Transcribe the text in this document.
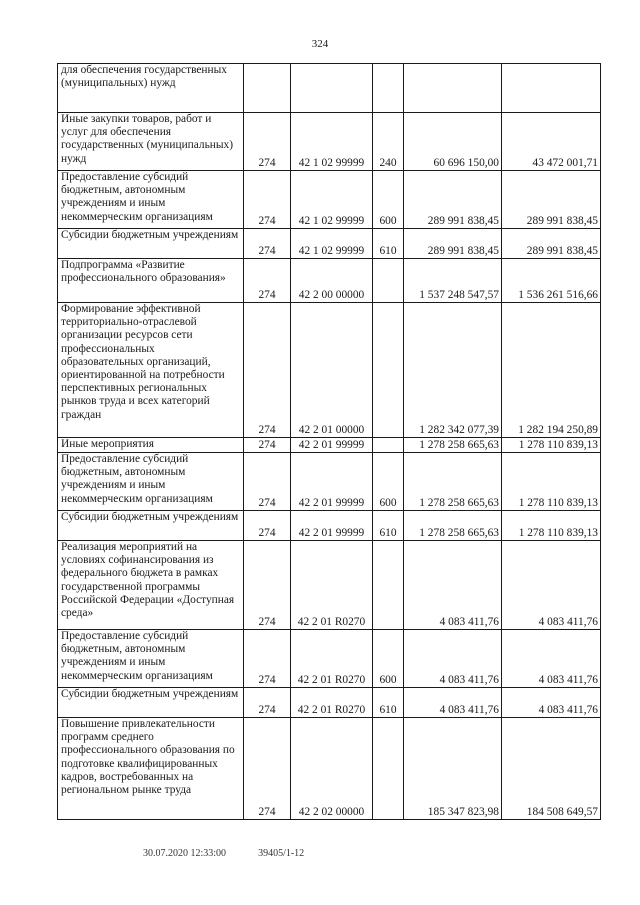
324
для обеспечения государственных (муниципальных) нужд					
Иные закупки товаров, работ и услуг для обеспечения государственных (муниципальных) нужд	274	42 1 02 99999	240	60 696 150,00	43 472 001,71
Предоставление субсидий бюджетным, автономным учреждениям и иным некоммерческим организациям	274	42 1 02 99999	600	289 991 838,45	289 991 838,45
Субсидии бюджетным учреждениям	274	42 1 02 99999	610	289 991 838,45	289 991 838,45
Подпрограмма «Развитие профессионального образования»	274	42 2 00 00000		1 537 248 547,57	1 536 261 516,66
Формирование эффективной территориально-отраслевой организации ресурсов сети профессиональных образовательных организаций, ориентированной на потребности перспективных региональных рынков труда и всех категорий граждан	274	42 2 01 00000		1 282 342 077,39	1 282 194 250,89
Иные мероприятия	274	42 2 01 99999		1 278 258 665,63	1 278 110 839,13
Предоставление субсидий бюджетным, автономным учреждениям и иным некоммерческим организациям	274	42 2 01 99999	600	1 278 258 665,63	1 278 110 839,13
Субсидии бюджетным учреждениям	274	42 2 01 99999	610	1 278 258 665,63	1 278 110 839,13
Реализация мероприятий на условиях софинансирования из федерального бюджета в рамках государственной программы Российской Федерации «Доступная среда»	274	42 2 01 R0270		4 083 411,76	4 083 411,76
Предоставление субсидий бюджетным, автономным учреждениям и иным некоммерческим организациям	274	42 2 01 R0270	600	4 083 411,76	4 083 411,76
Субсидии бюджетным учреждениям	274	42 2 01 R0270	610	4 083 411,76	4 083 411,76
Повышение привлекательности программ среднего профессионального образования по подготовке квалифицированных кадров, востребованных на региональном рынке труда	274	42 2 02 00000		185 347 823,98	184 508 649,57
30.07.2020 12:33:00	39405/1-12
